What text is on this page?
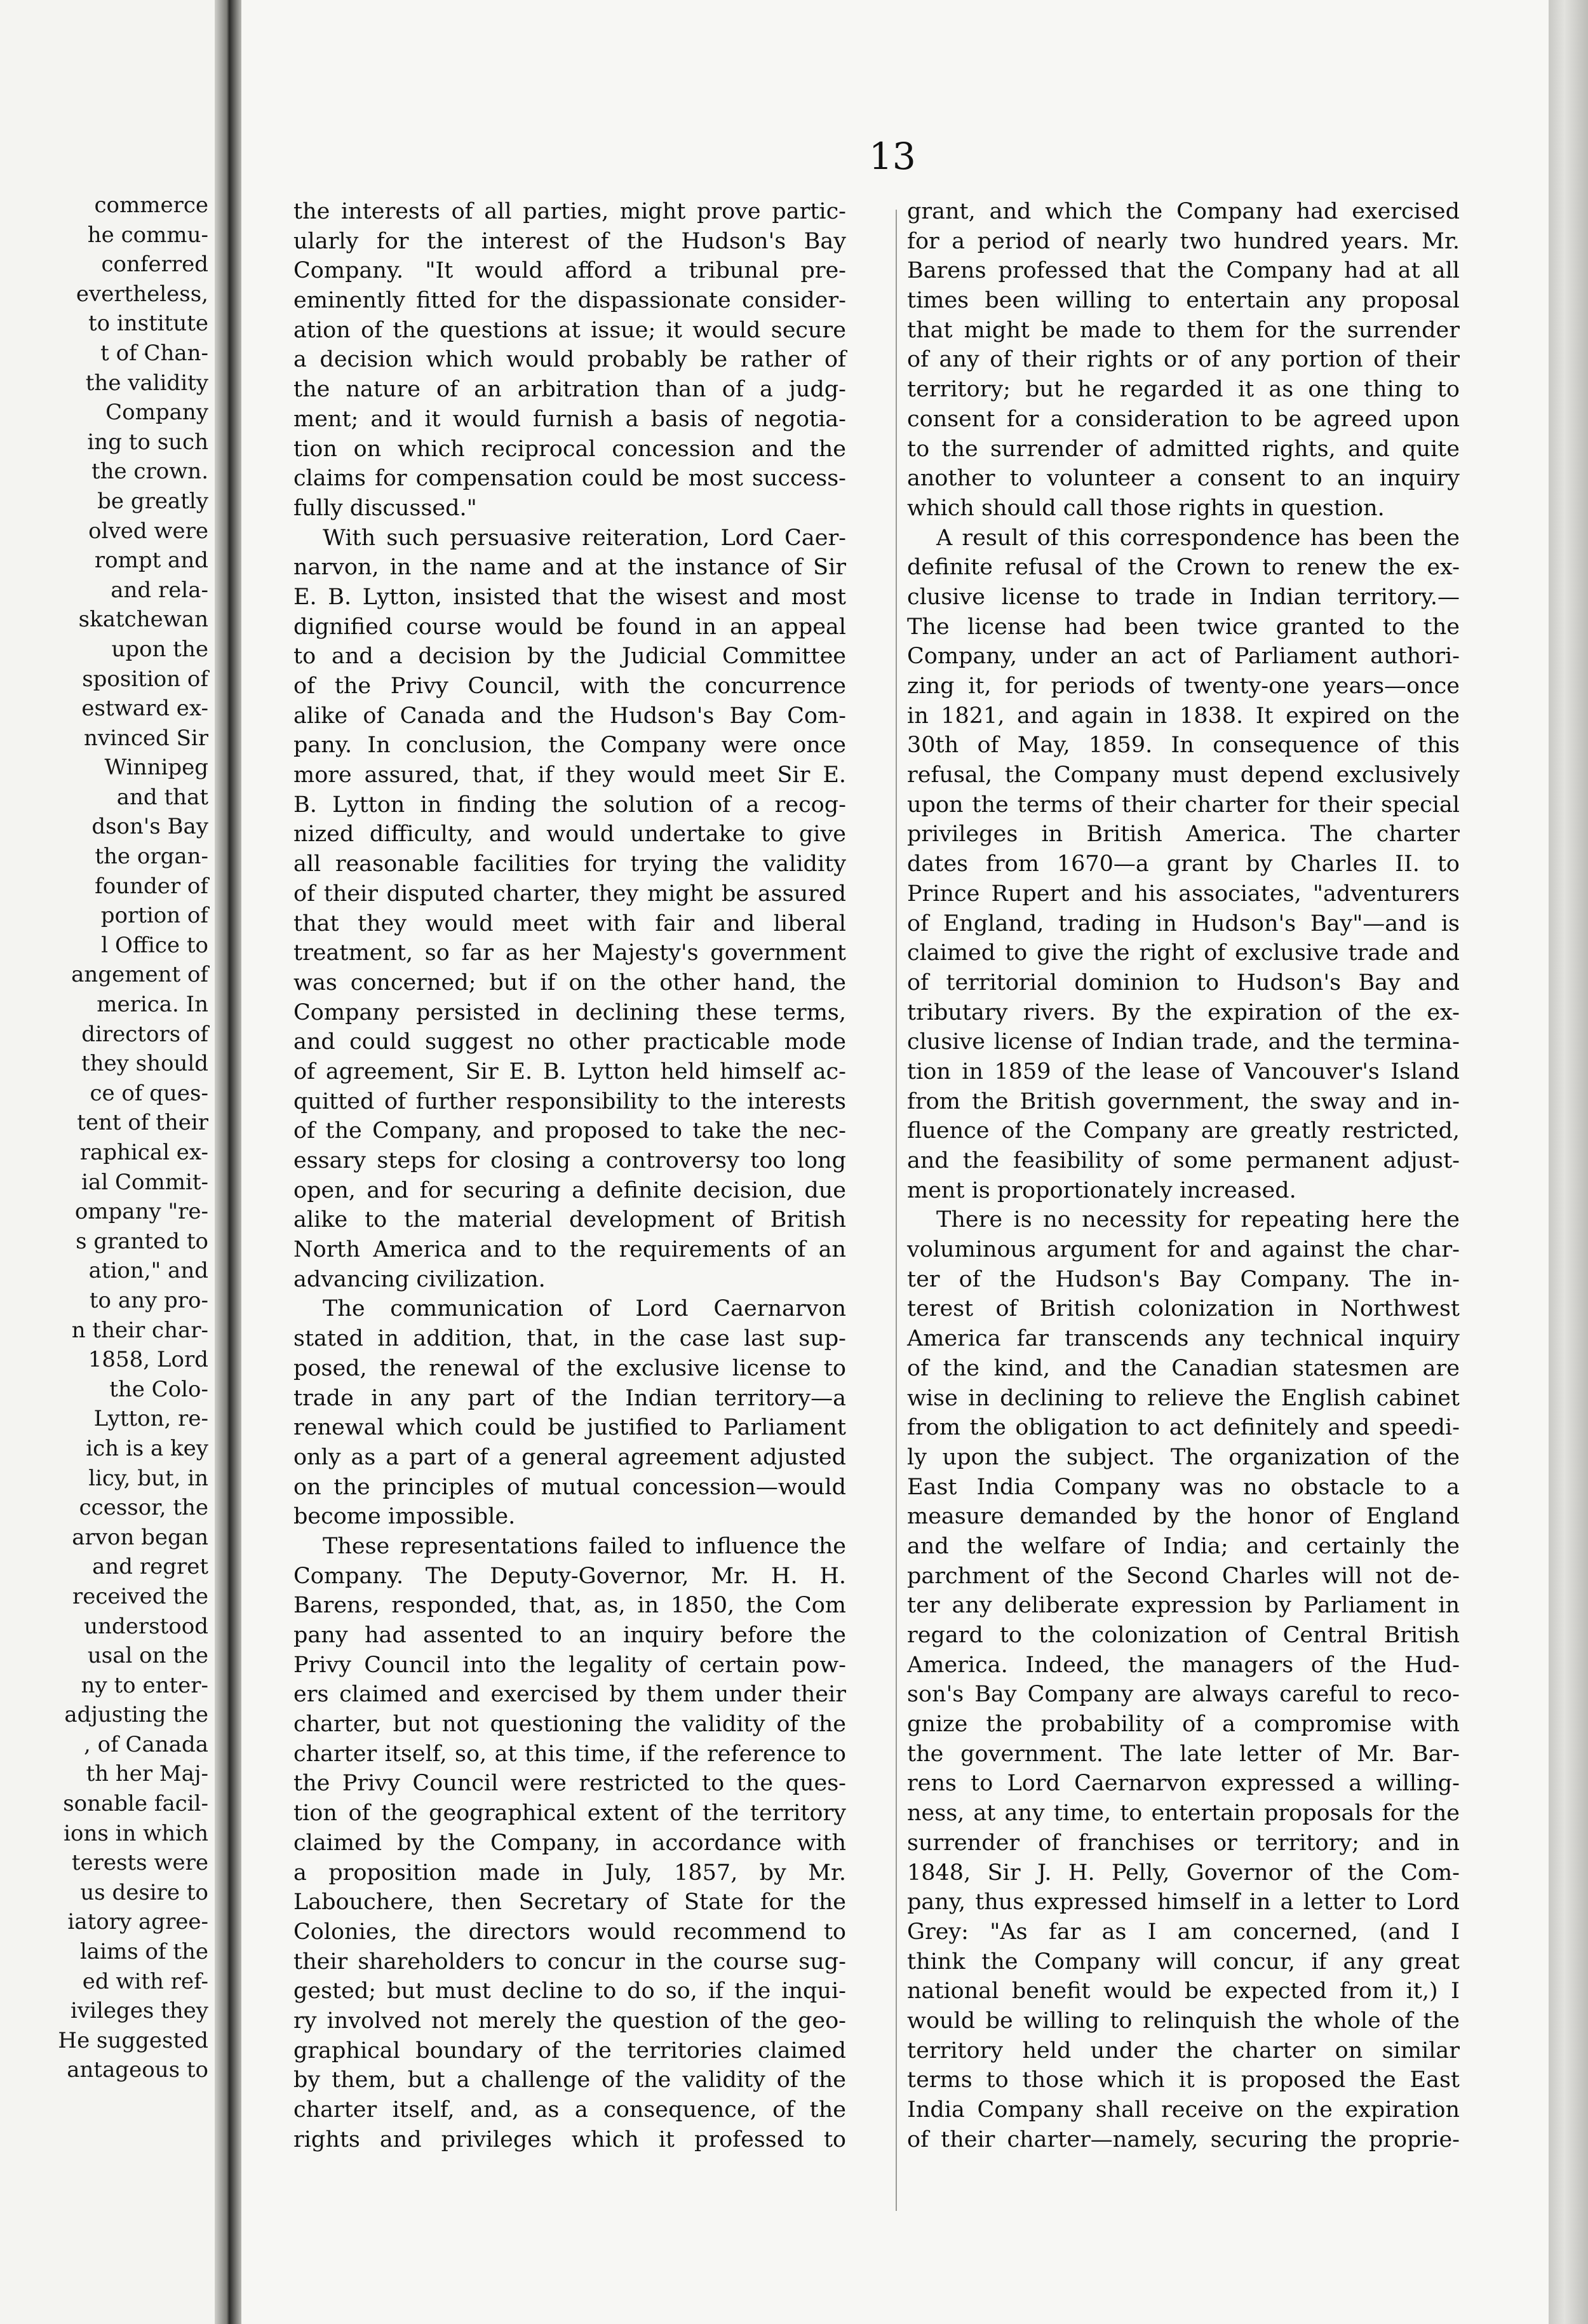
commerce
he commu-
conferred
evertheless,
to institute
t of Chan-
the validity
Company
ing to such
the crown.
be greatly
olved were
rompt and
and rela-
skatchewan
upon the
sposition of
estward ex-
nvinced Sir
Winnipeg
and that
dson's Bay
the organ-
founder of
portion of
l Office to
angement of
merica. In
directors of
they should
ce of ques-
tent of their
raphical ex-
ial Commit-
ompany "re-
s granted to
ation," and
to any pro-
n their char-
1858, Lord
the Colo-
Lytton, re-
ich is a key
licy, but, in
ccessor, the
arvon began
and regret
received the
understood
usal on the
ny to enter-
adjusting the
, of Canada
th her Maj-
sonable facil-
ions in which
terests were
us desire to
iatory agree-
laims of the
ed with ref-
ivileges they
He suggested
antageous to
13
the interests of all parties, might prove partic-
ularly for the interest of the Hudson's Bay
Company. "It would afford a tribunal pre-
eminently fitted for the dispassionate consider-
ation of the questions at issue; it would secure
a decision which would probably be rather of
the nature of an arbitration than of a judg-
ment; and it would furnish a basis of negotia-
tion on which reciprocal concession and the
claims for compensation could be most success-
fully discussed."
With such persuasive reiteration, Lord Caer-
narvon, in the name and at the instance of Sir
E. B. Lytton, insisted that the wisest and most
dignified course would be found in an appeal
to and a decision by the Judicial Committee
of the Privy Council, with the concurrence
alike of Canada and the Hudson's Bay Com-
pany. In conclusion, the Company were once
more assured, that, if they would meet Sir E.
B. Lytton in finding the solution of a recog-
nized difficulty, and would undertake to give
all reasonable facilities for trying the validity
of their disputed charter, they might be assured
that they would meet with fair and liberal
treatment, so far as her Majesty's government
was concerned; but if on the other hand, the
Company persisted in declining these terms,
and could suggest no other practicable mode
of agreement, Sir E. B. Lytton held himself ac-
quitted of further responsibility to the interests
of the Company, and proposed to take the nec-
essary steps for closing a controversy too long
open, and for securing a definite decision, due
alike to the material development of British
North America and to the requirements of an
advancing civilization.
The communication of Lord Caernarvon
stated in addition, that, in the case last sup-
posed, the renewal of the exclusive license to
trade in any part of the Indian territory—a
renewal which could be justified to Parliament
only as a part of a general agreement adjusted
on the principles of mutual concession—would
become impossible.
These representations failed to influence the
Company. The Deputy-Governor, Mr. H. H.
Barens, responded, that, as, in 1850, the Com
pany had assented to an inquiry before the
Privy Council into the legality of certain pow-
ers claimed and exercised by them under their
charter, but not questioning the validity of the
charter itself, so, at this time, if the reference to
the Privy Council were restricted to the ques-
tion of the geographical extent of the territory
claimed by the Company, in accordance with
a proposition made in July, 1857, by Mr.
Labouchere, then Secretary of State for the
Colonies, the directors would recommend to
their shareholders to concur in the course sug-
gested; but must decline to do so, if the inqui-
ry involved not merely the question of the geo-
graphical boundary of the territories claimed
by them, but a challenge of the validity of the
charter itself, and, as a consequence, of the
rights and privileges which it professed to
grant, and which the Company had exercised
for a period of nearly two hundred years. Mr.
Barens professed that the Company had at all
times been willing to entertain any proposal
that might be made to them for the surrender
of any of their rights or of any portion of their
territory; but he regarded it as one thing to
consent for a consideration to be agreed upon
to the surrender of admitted rights, and quite
another to volunteer a consent to an inquiry
which should call those rights in question.
A result of this correspondence has been the
definite refusal of the Crown to renew the ex-
clusive license to trade in Indian territory.—
The license had been twice granted to the
Company, under an act of Parliament authori-
zing it, for periods of twenty-one years—once
in 1821, and again in 1838. It expired on the
30th of May, 1859. In consequence of this
refusal, the Company must depend exclusively
upon the terms of their charter for their special
privileges in British America. The charter
dates from 1670—a grant by Charles II. to
Prince Rupert and his associates, "adventurers
of England, trading in Hudson's Bay"—and is
claimed to give the right of exclusive trade and
of territorial dominion to Hudson's Bay and
tributary rivers. By the expiration of the ex-
clusive license of Indian trade, and the termina-
tion in 1859 of the lease of Vancouver's Island
from the British government, the sway and in-
fluence of the Company are greatly restricted,
and the feasibility of some permanent adjust-
ment is proportionately increased.
There is no necessity for repeating here the
voluminous argument for and against the char-
ter of the Hudson's Bay Company. The in-
terest of British colonization in Northwest
America far transcends any technical inquiry
of the kind, and the Canadian statesmen are
wise in declining to relieve the English cabinet
from the obligation to act definitely and speedi-
ly upon the subject. The organization of the
East India Company was no obstacle to a
measure demanded by the honor of England
and the welfare of India; and certainly the
parchment of the Second Charles will not de-
ter any deliberate expression by Parliament in
regard to the colonization of Central British
America. Indeed, the managers of the Hud-
son's Bay Company are always careful to reco-
gnize the probability of a compromise with
the government. The late letter of Mr. Bar-
rens to Lord Caernarvon expressed a willing-
ness, at any time, to entertain proposals for the
surrender of franchises or territory; and in
1848, Sir J. H. Pelly, Governor of the Com-
pany, thus expressed himself in a letter to Lord
Grey: "As far as I am concerned, (and I
think the Company will concur, if any great
national benefit would be expected from it,) I
would be willing to relinquish the whole of the
territory held under the charter on similar
terms to those which it is proposed the East
India Company shall receive on the expiration
of their charter—namely, securing the proprie-
